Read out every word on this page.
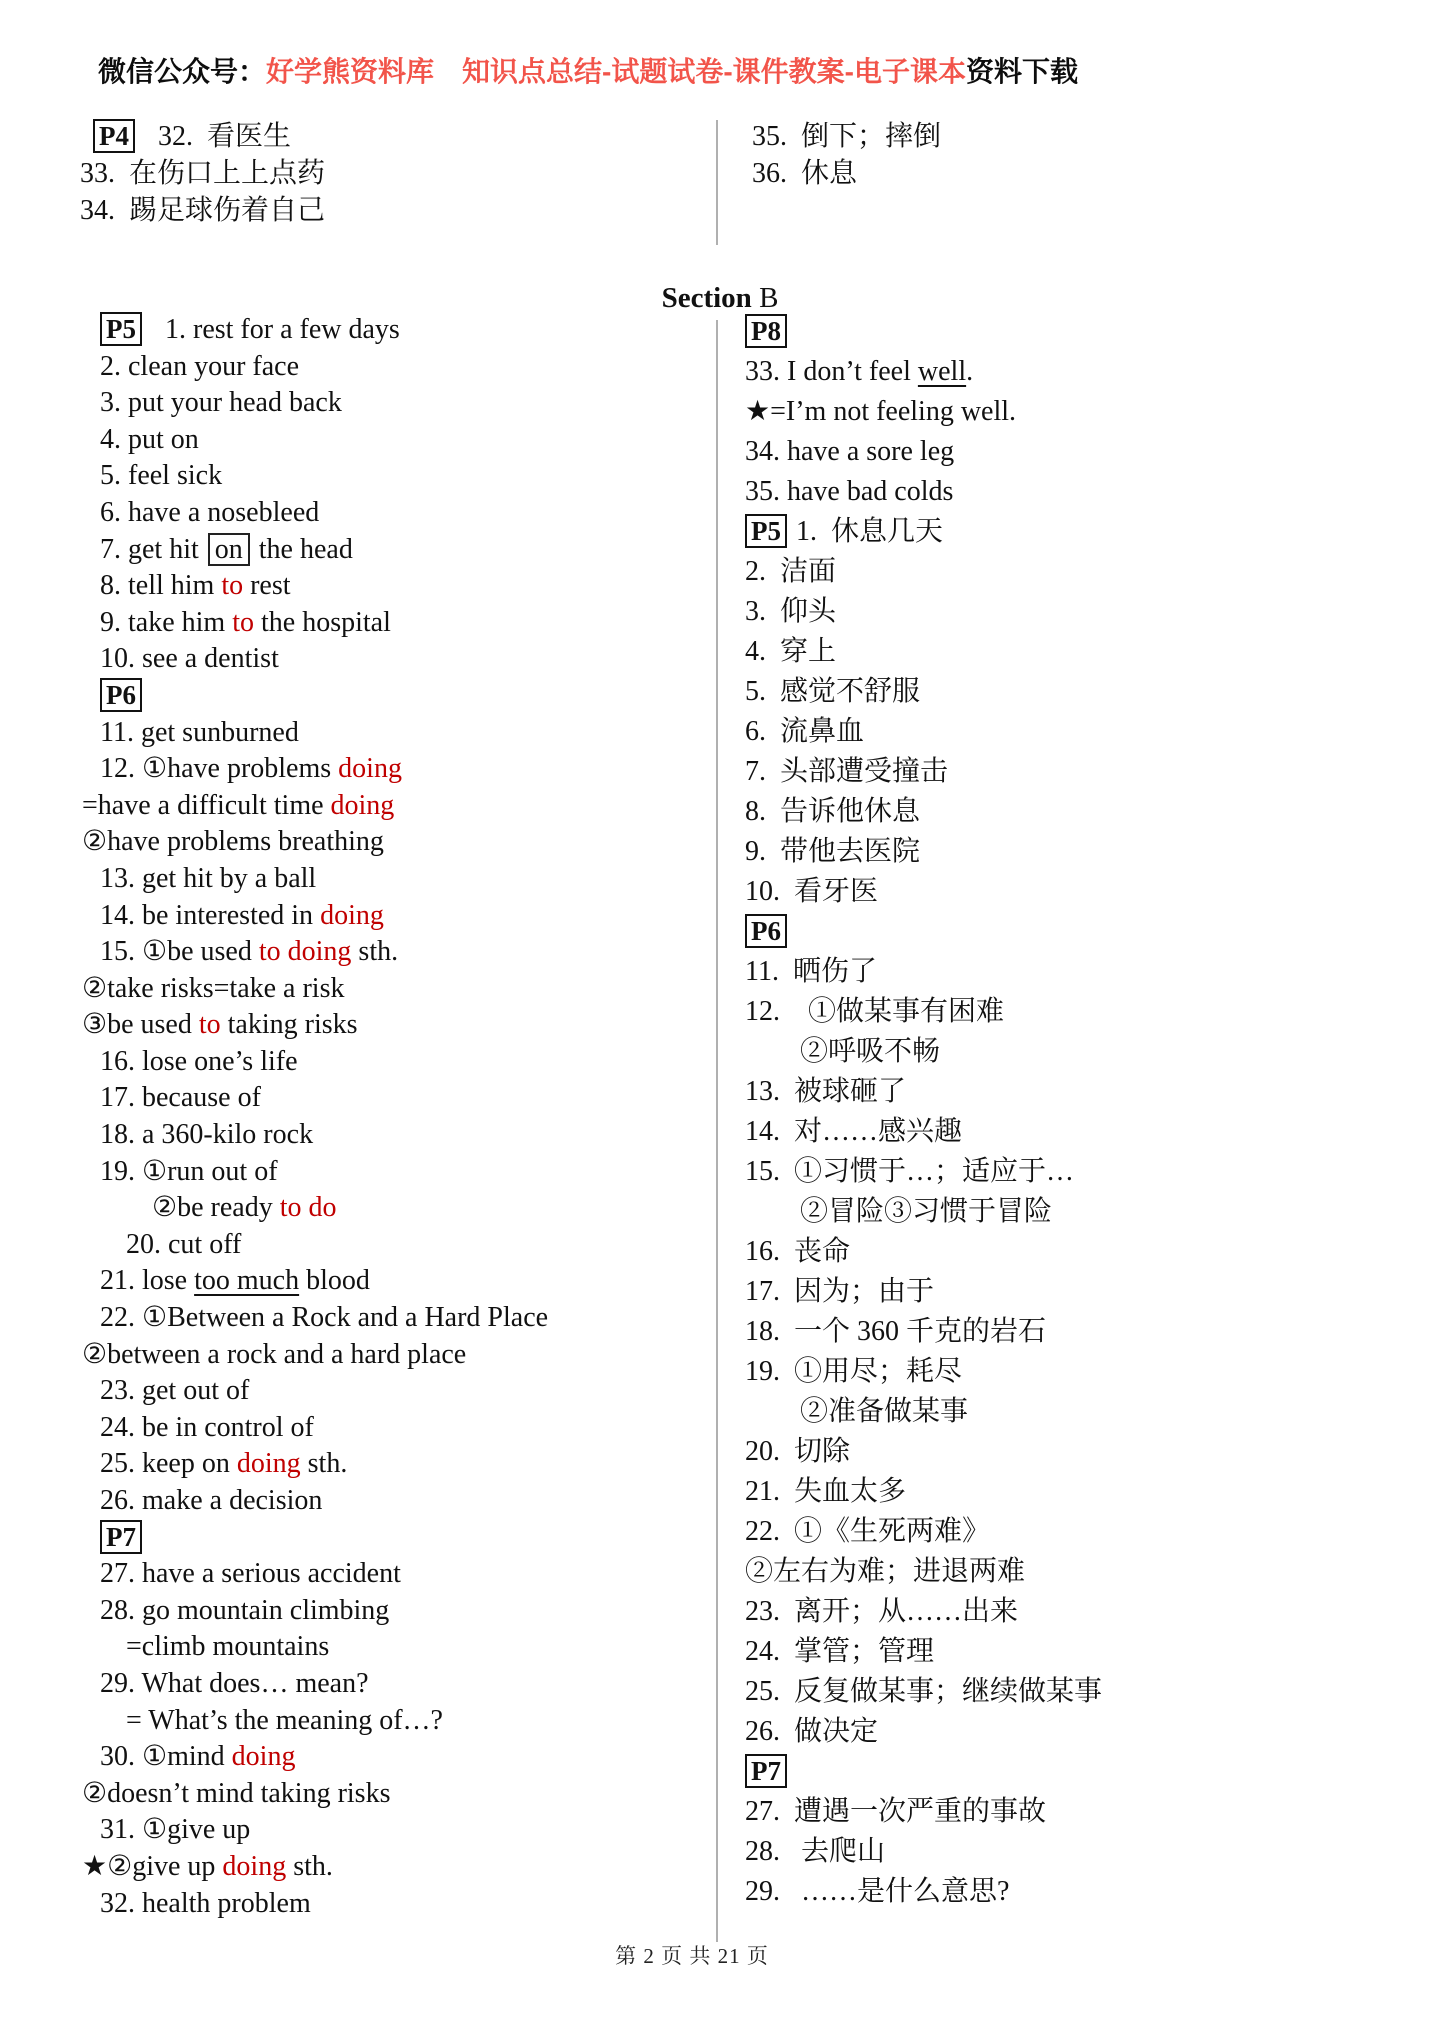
微信公众号：好学熊资料库　知识点总结-试题试卷-课件教案-电子课本资料下载
P4  32. 看医生
33. 在伤口上上点药
34. 踢足球伤着自己
35. 倒下；摔倒
36. 休息
Section B
P5  1. rest for a few days
2. clean your face
3. put your head back
4. put on
5. feel sick
6. have a nosebleed
7. get hit on the head
8. tell him to rest
9. take him to the hospital
10. see a dentist
P6
11. get sunburned
12. ①have problems doing
=have a difficult time doing
②have problems breathing
13. get hit by a ball
14. be interested in doing
15. ①be used to doing sth.
②take risks=take a risk
③be used to taking risks
16. lose one’s life
17. because of
18. a 360-kilo rock
19. ①run out of
②be ready to do
20. cut off
21. lose too much blood
22. ①Between a Rock and a Hard Place
②between a rock and a hard place
23. get out of
24. be in control of
25. keep on doing sth.
26. make a decision
P7
27. have a serious accident
28. go mountain climbing
=climb mountains
29. What does… mean?
= What’s the meaning of…?
30. ①mind doing
②doesn’t mind taking risks
31. ①give up
★②give up doing sth.
32. health problem
P8
33. I don’t feel well.
★=I’m not feeling well.
34. have a sore leg
35. have bad colds
P5 1. 休息几天
2. 洁面
3. 仰头
4. 穿上
5. 感觉不舒服
6. 流鼻血
7. 头部遭受撞击
8. 告诉他休息
9. 带他去医院
10. 看牙医
P6
11. 晒伤了
12.  ①做某事有困难
②呼吸不畅
13. 被球砸了
14. 对……感兴趣
15. ①习惯于…；适应于…
②冒险③习惯于冒险
16. 丧命
17. 因为；由于
18. 一个 360 千克的岩石
19. ①用尽；耗尽
②准备做某事
20. 切除
21. 失血太多
22. ①《生死两难》
②左右为难；进退两难
23. 离开；从……出来
24. 掌管；管理
25. 反复做某事；继续做某事
26. 做决定
P7
27. 遭遇一次严重的事故
28.  去爬山
29.  ……是什么意思?
第 2 页 共 21 页
